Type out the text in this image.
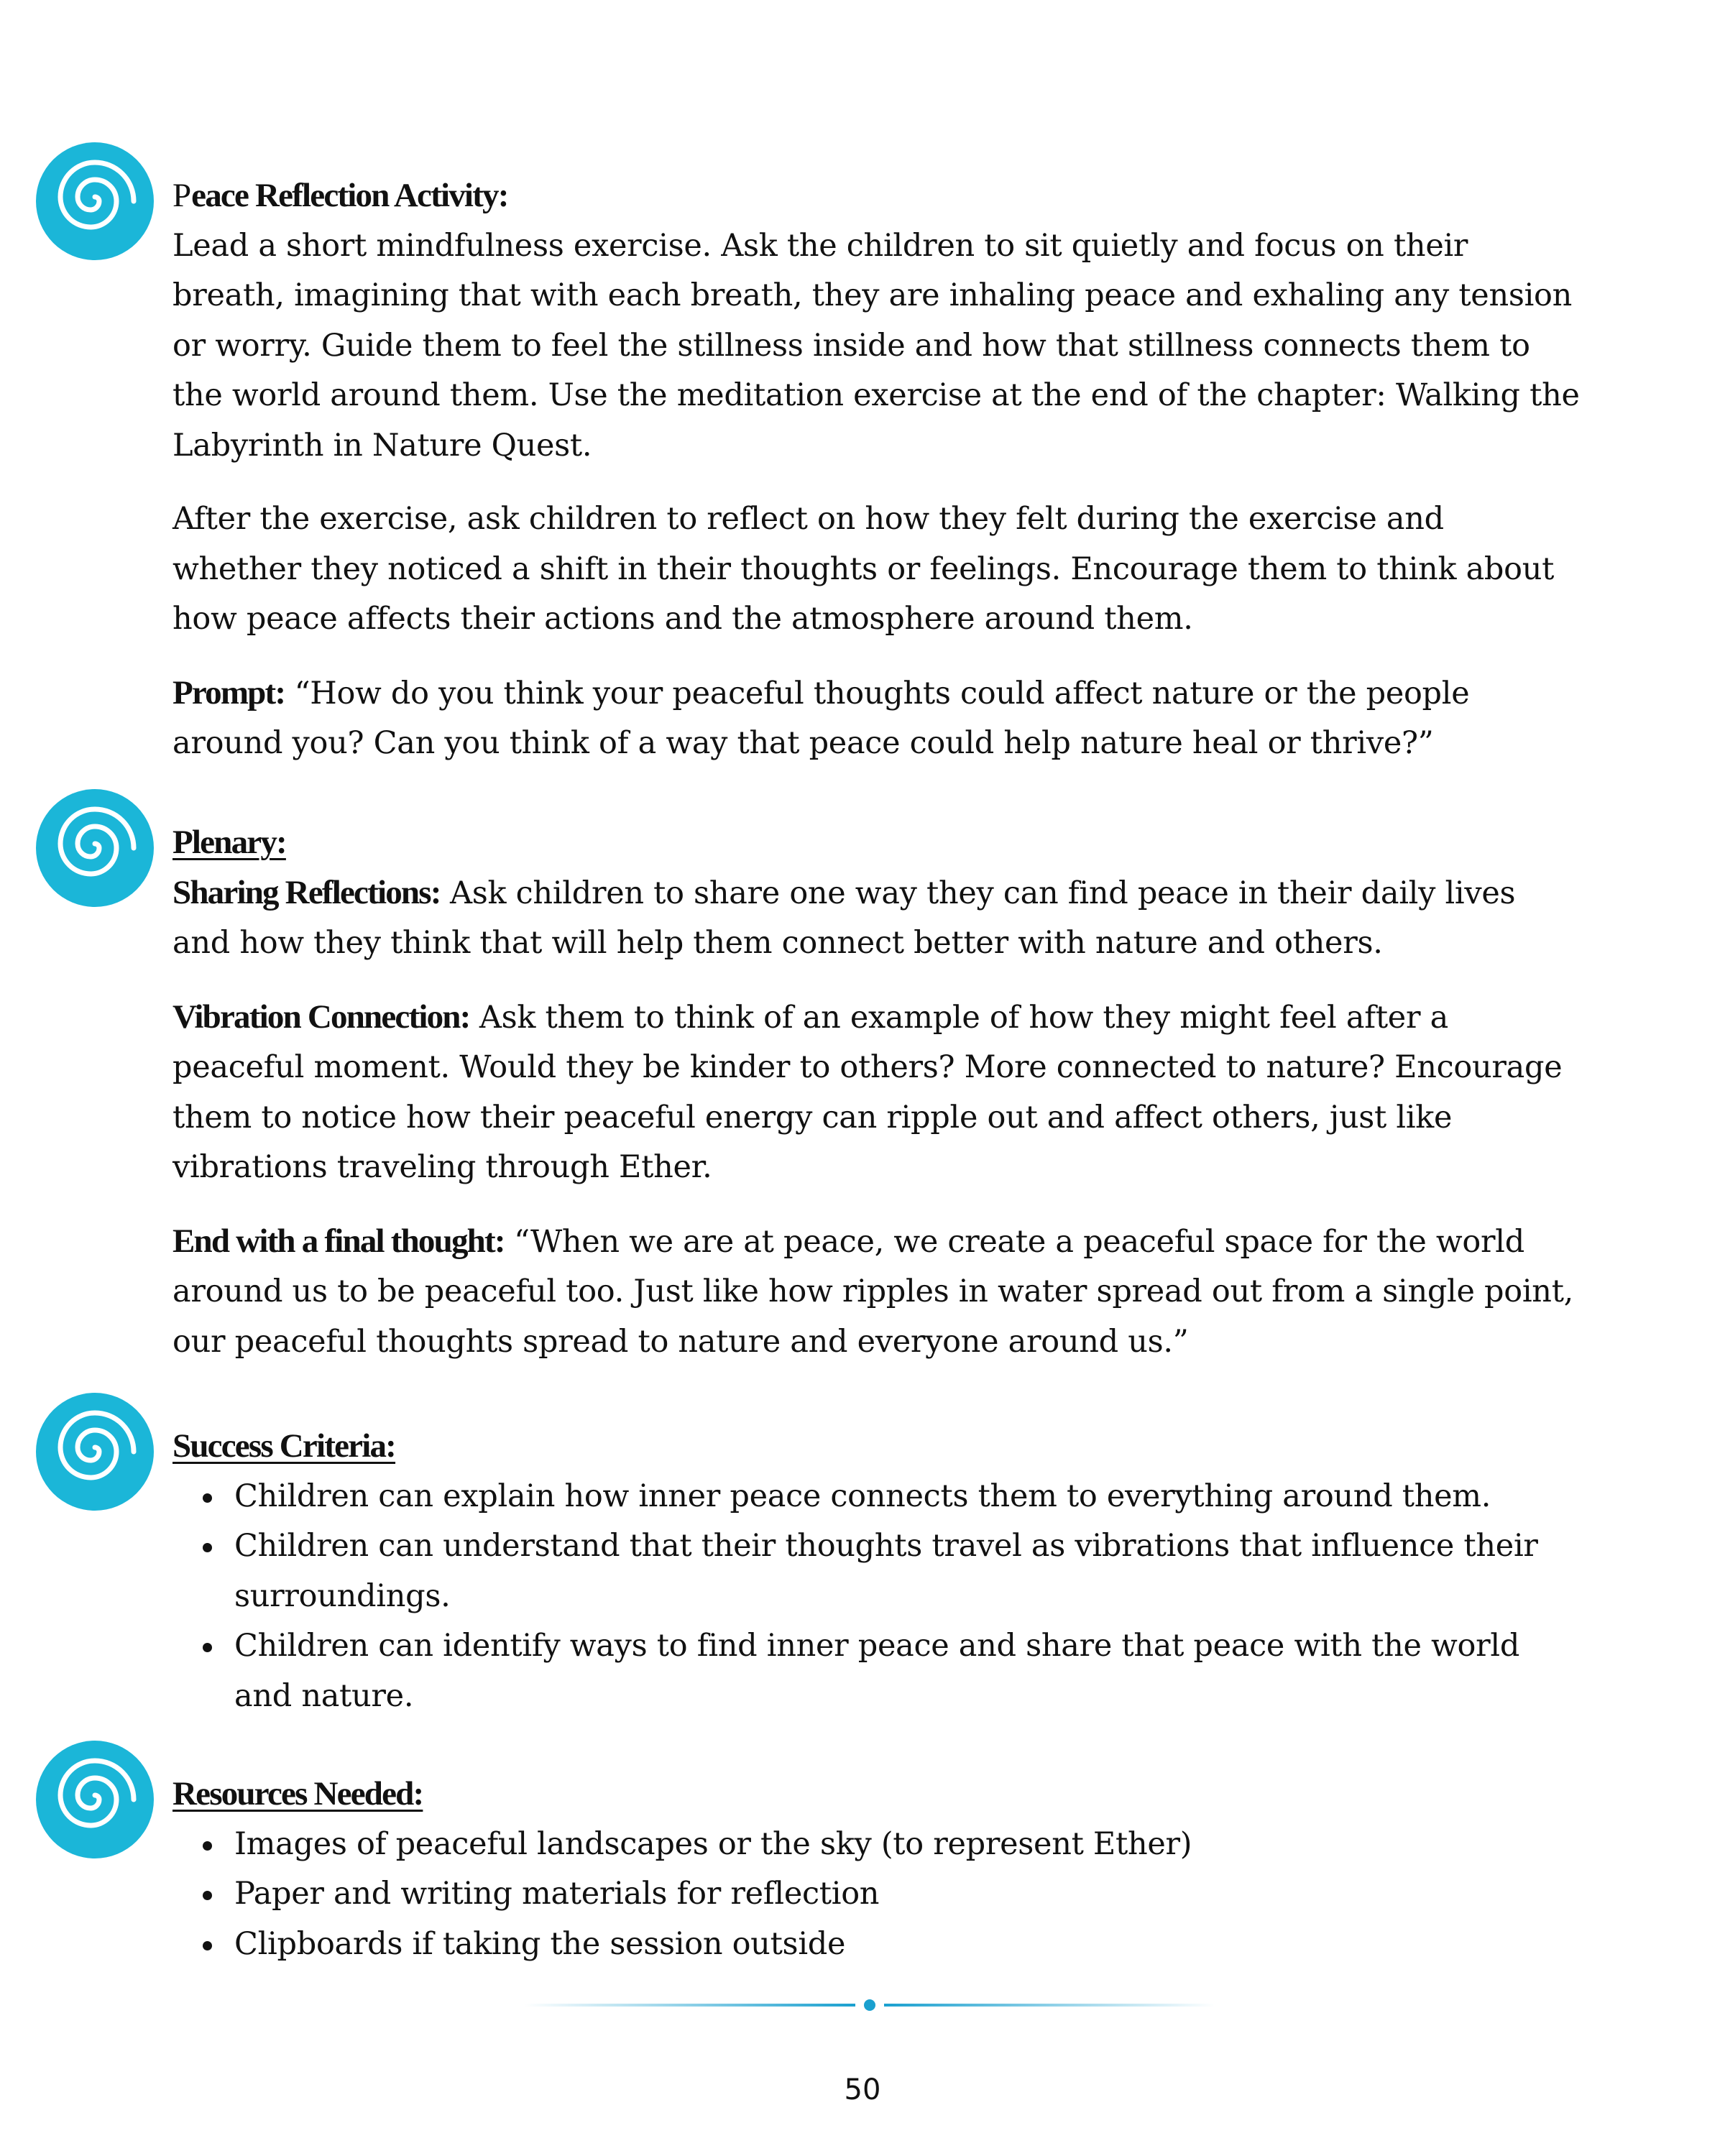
Peace Reflection Activity:

Lead a short mindfulness exercise. Ask the children to sit quietly and focus on their breath, imagining that with each breath, they are inhaling peace and exhaling any tension or worry. Guide them to feel the stillness inside and how that stillness connects them to the world around them. Use the meditation exercise at the end of the chapter: Walking the Labyrinth in Nature Quest.

After the exercise, ask children to reflect on how they felt during the exercise and whether they noticed a shift in their thoughts or feelings. Encourage them to think about how peace affects their actions and the atmosphere around them.

Prompt: “How do you think your peaceful thoughts could affect nature or the people around you? Can you think of a way that peace could help nature heal or thrive?”

Plenary:

Sharing Reflections: Ask children to share one way they can find peace in their daily lives and how they think that will help them connect better with nature and others.

Vibration Connection: Ask them to think of an example of how they might feel after a peaceful moment. Would they be kinder to others? More connected to nature? Encourage them to notice how their peaceful energy can ripple out and affect others, just like vibrations traveling through Ether.

End with a final thought: “When we are at peace, we create a peaceful space for the world around us to be peaceful too. Just like how ripples in water spread out from a single point, our peaceful thoughts spread to nature and everyone around us.”

Success Criteria:
Children can explain how inner peace connects them to everything around them.
Children can understand that their thoughts travel as vibrations that influence their surroundings.
Children can identify ways to find inner peace and share that peace with the world and nature.
Resources Needed:
Images of peaceful landscapes or the sky (to represent Ether)
Paper and writing materials for reflection
Clipboards if taking the session outside
50
